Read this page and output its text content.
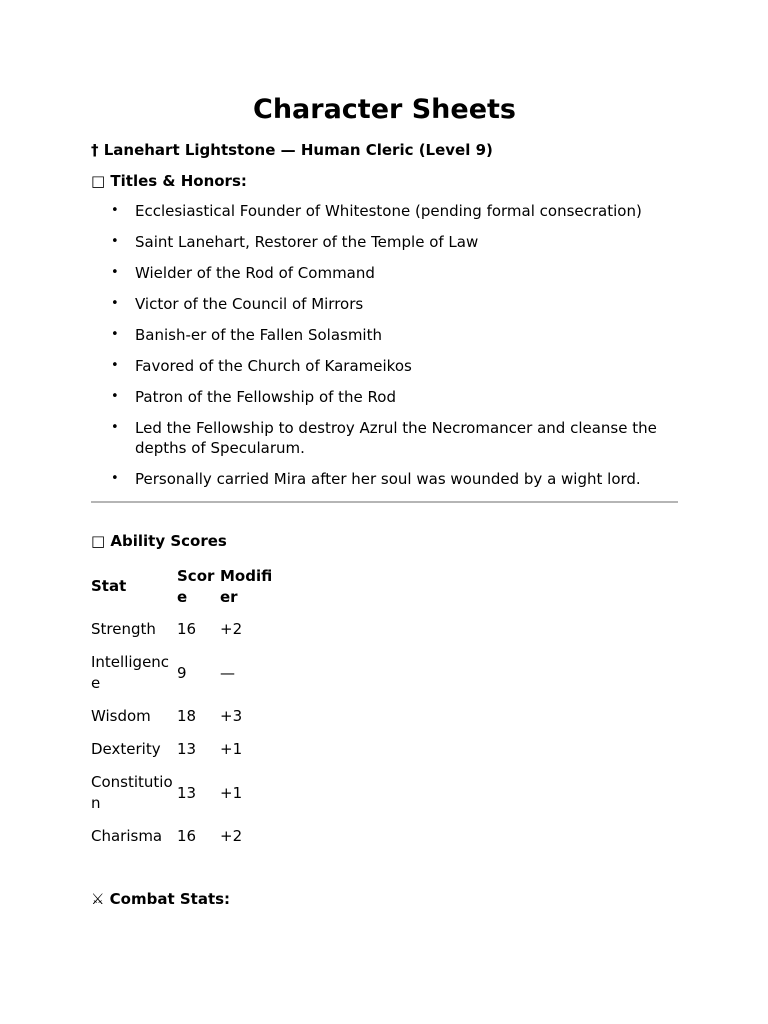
Character Sheets

† Lanehart Lightstone — Human Cleric (Level 9)

□ Titles & Honors:

• Ecclesiastical Founder of Whitestone (pending formal consecration)
• Saint Lanehart, Restorer of the Temple of Law
• Wielder of the Rod of Command
• Victor of the Council of Mirrors
• Banish-er of the Fallen Solasmith
• Favored of the Church of Karameikos
• Patron of the Fellowship of the Rod
• Led the Fellowship to destroy Azrul the Necromancer and cleanse the depths of Specularum.
• Personally carried Mira after her soul was wounded by a wight lord.

□ Ability Scores

Stat	Score	Modifier
Strength	16	+2
Intelligence	9	—
Wisdom	18	+3
Dexterity	13	+1
Constitution	13	+1
Charisma	16	+2

⚔ Combat Stats:
